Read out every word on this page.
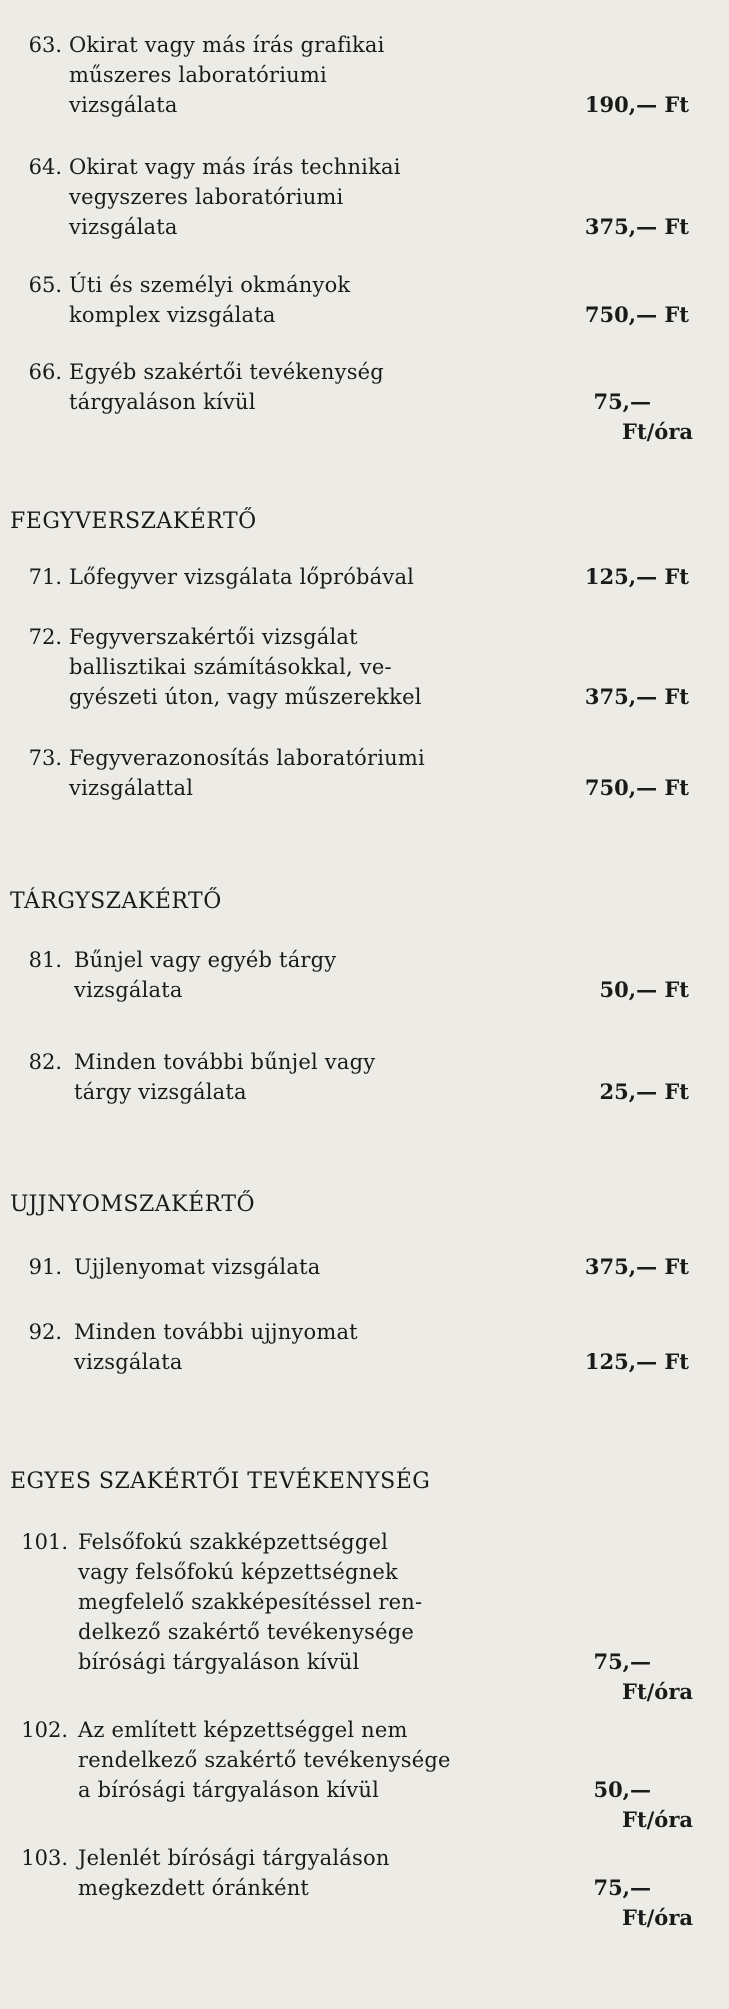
63. Okirat vagy más írás grafikai
műszeres laboratóriumi
vizsgálata	190,— Ft
64. Okirat vagy más írás technikai
vegyszeres laboratóriumi
vizsgálata	375,— Ft
65. Úti és személyi okmányok
komplex vizsgálata	750,— Ft
66. Egyéb szakértői tevékenység
tárgyaláson kívül	75,—
Ft/óra
FEGYVERSZAKÉRTŐ
71. Lőfegyver vizsgálata lőpróbával	125,— Ft
72. Fegyverszakértői vizsgálat
ballisztikai számításokkal, ve-
gyészeti úton, vagy műszerekkel	375,— Ft
73. Fegyverazonosítás laboratóriumi
vizsgálattal	750,— Ft
TÁRGYSZAKÉRTŐ
81. Bűnjel vagy egyéb tárgy
vizsgálata	50,— Ft
82. Minden további bűnjel vagy
tárgy vizsgálata	25,— Ft
UJJNYOMSZAKÉRTŐ
91. Ujjlenyomat vizsgálata	375,— Ft
92. Minden további ujjnyomat
vizsgálata	125,— Ft
EGYES SZAKÉRTŐI TEVÉKENYSÉG
101. Felsőfokú szakképzettséggel
vagy felsőfokú képzettségnek
megfelelő szakképesítéssel ren-
delkező szakértő tevékenysége
bírósági tárgyaláson kívül	75,—
Ft/óra
102. Az említett képzettséggel nem
rendelkező szakértő tevékenysége
a bírósági tárgyaláson kívül	50,—
Ft/óra
103. Jelenlét bírósági tárgyaláson
megkezdett óránként	75,—
Ft/óra
